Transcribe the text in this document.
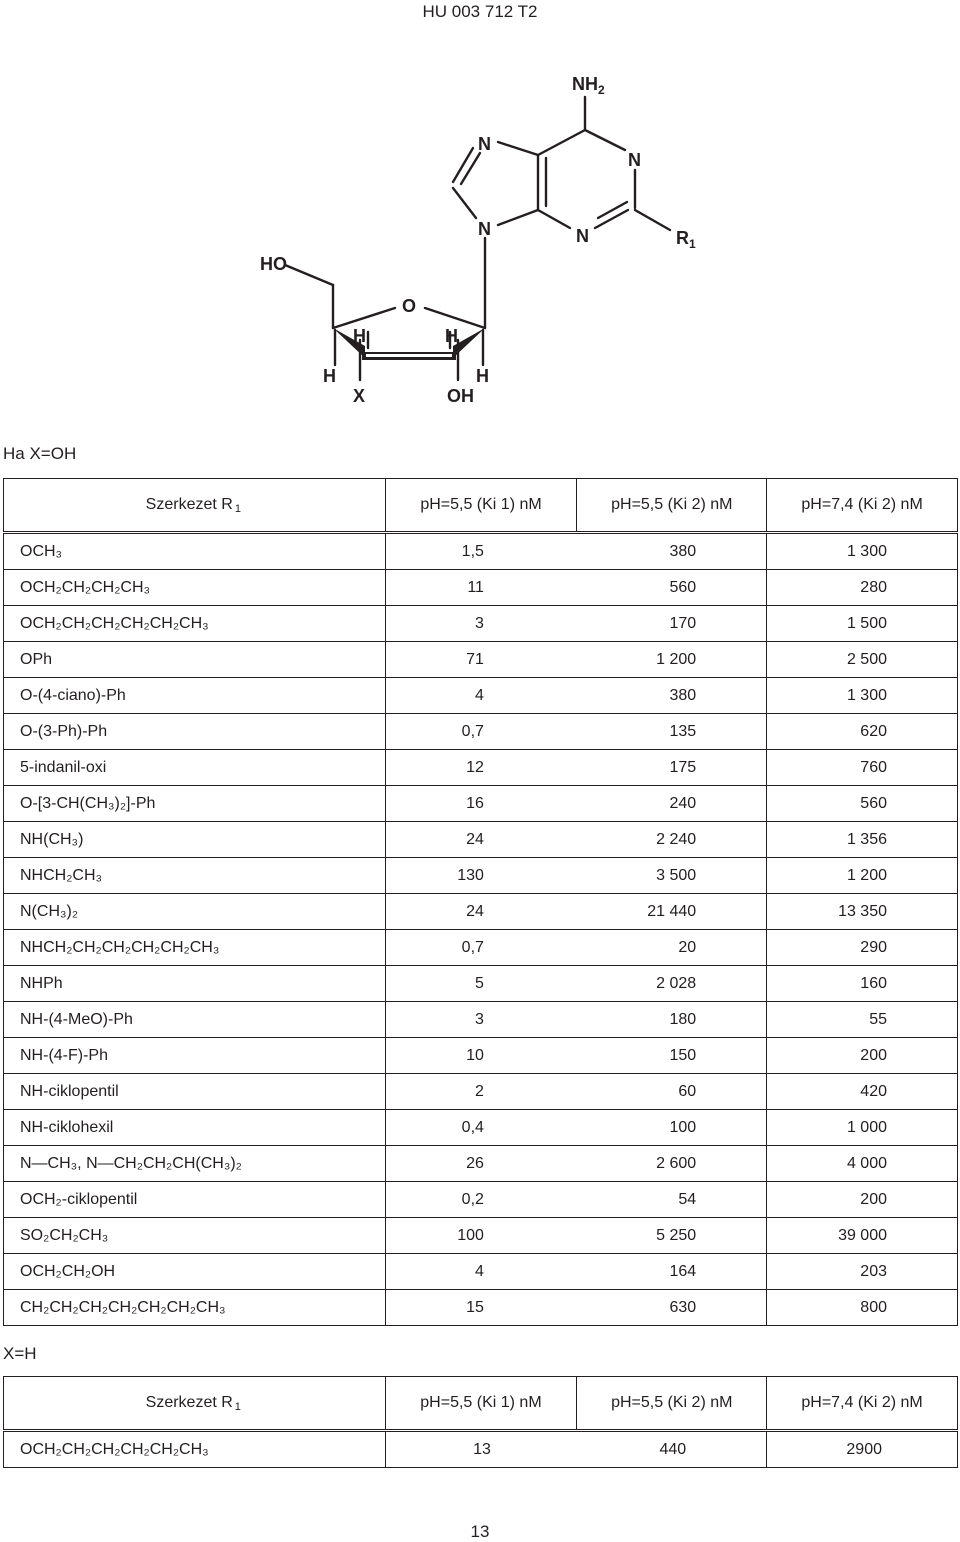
HU 003 712 T2
$NH_2$
N
N
N
N	$R_1$
HO
O
H	H
H	H
X	OH
Ha X=OH
Szerkezet R $_1$	pH=5,5 (Ki 1) nM	pH=5,5 (Ki 2) nM	pH=7,4 (Ki 2) nM
OCH₃	1,5	380	1 300
OCH₂CH₂CH₂CH₃	11	560	280
OCH₂CH₂CH₂CH₂CH₂CH₃	3	170	1 500
OPh	71	1 200	2 500
O-(4-ciano)-Ph	4	380	1 300
O-(3-Ph)-Ph	0,7	135	620
5-indanil-oxi	12	175	760
O-[3-CH(CH₃)₂]-Ph	16	240	560
NH(CH₃)	24	2 240	1 356
NHCH₂CH₃	130	3 500	1 200
N(CH₃)₂	24	21 440	13 350
NHCH₂CH₂CH₂CH₂CH₂CH₃	0,7	20	290
NHPh	5	2 028	160
NH-(4-MeO)-Ph	3	180	55
NH-(4-F)-Ph	10	150	200
NH-ciklopentil	2	60	420
NH-ciklohexil	0,4	100	1 000
N—CH₃, N—CH₂CH₂CH(CH₃)₂	26	2 600	4 000
OCH₂-ciklopentil	0,2	54	200
SO₂CH₂CH₃	100	5 250	39 000
OCH₂CH₂OH	4	164	203
CH₂CH₂CH₂CH₂CH₂CH₂CH₃	15	630	800
X=H
Szerkezet R $_1$	pH=5,5 (Ki 1) nM	pH=5,5 (Ki 2) nM	pH=7,4 (Ki 2) nM
OCH₂CH₂CH₂CH₂CH₂CH₃	13	440	2900
13
